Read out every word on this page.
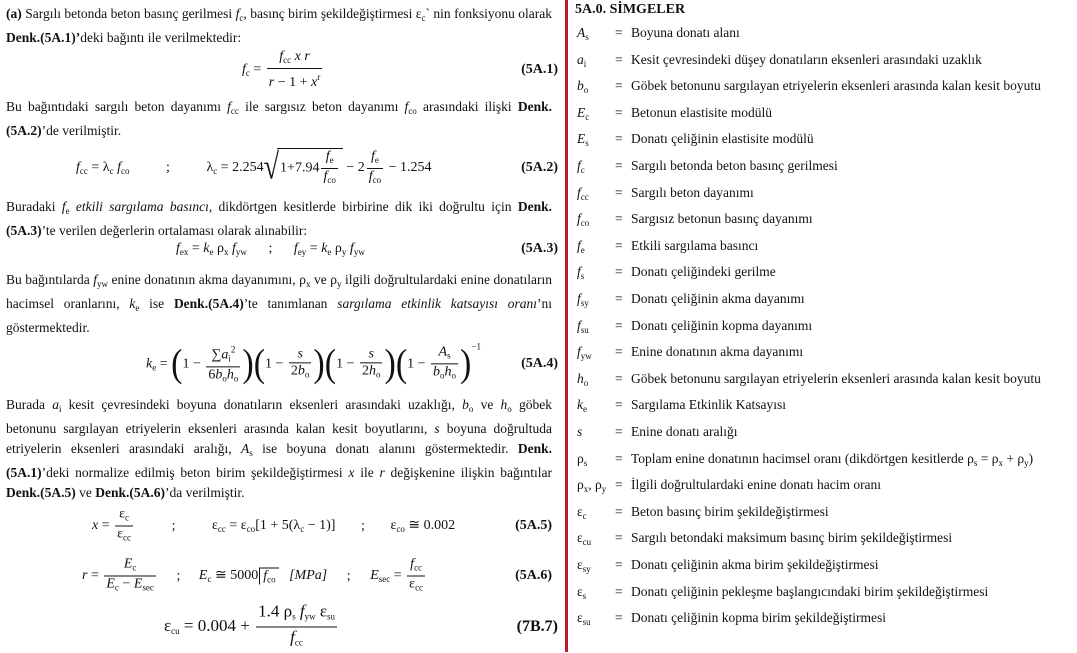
(a) Sargılı betonda beton basınç gerilmesi $f_c$, basınç birim şekildeğiştirmesi $\varepsilon_c`$ nin fonksiyonu olarak Denk.(5A.1)’deki bağıntı ile verilmektedir:

$f_c = \frac{f_{cc} x r}{r - 1 + x^r}$	(5A.1)

Bu bağıntıdaki sargılı beton dayanımı $f_{cc}$ ile sargısız beton dayanımı $f_{co}$ arasındaki ilişki Denk.(5A.2)’de verilmiştir.

$f_{cc} = \lambda_c$ $f_{co}$	; $\lambda_c = 2.254√1+7.94 \frac{f_e}{f_{co}} - 2 \frac{f_e}{f_{co}} - 1.254$	(5A.2)

Buradaki $f_e$ etkili sargılama basıncı, dikdörtgen kesitlerde birbirine dik iki doğrultu için Denk.(5A.3)’te verilen değerlerin ortalaması olarak alınabilir:

$f_{ex} = k_e$ $\rho_x$ $f_{yw}$ ; $f_{ey} = k_e$ $\rho_y$ $f_{yw}$	(5A.3)

Bu bağıntılarda $f_{yw}$ enine donatının akma dayanımını, $\rho_x$ ve $\rho_y$ ilgili doğrultulardaki enine donatıların hacimsel oranlarını, $k_e$ ise Denk.(5A.4)’te tanımlanan sargılama etkinlik katsayısı oranı’nı göstermektedir.

$k_e = (1 - \frac{\sum a_i^2}{6b_oh_o} )(1 - \frac{s}{2b_o} )(1 - \frac{s}{2h_o} )(1 - \frac{A_s}{b_oh_o} )^{-1}$
(5A.4)

Burada $a_i$ kesit çevresindeki boyuna donatıların eksenleri arasındaki uzaklığı, $b_o$ ve $h_o$ göbek betonunu sargılayan etriyelerin eksenleri arasında kalan kesit boyutlarını, s boyuna doğrultuda etriyelerin eksenleri arasındaki aralığı, $A_s$ ise boyuna donatı alanını göstermektedir. Denk.(5A.1)’deki normalize edilmiş beton birim şekildeğiştirmesi x ile r değişkenine ilişkin bağıntılar Denk.(5A.5) ve Denk.(5A.6)’da verilmiştir.

$x = \frac{\varepsilon_c}{\varepsilon_{cc}}$	; $\varepsilon_{cc} = \varepsilon_{co}[1 + 5(\lambda_c - 1)]$ ; $\varepsilon_{co}$ ≅ 0.002	(5A.5)
$r = \frac{E_c}{E_c - E_{sec}}$ ; $E_c$ ≅ 5000 $f_{co}$ [MPa] ; $E_{sec} = \frac{f_{cc}}{\varepsilon_{cc}}$	(5A.6)
$\varepsilon_{cu} = 0.004 + \frac{1.4 \rho_s f_{yw} \varepsilon_{su}}{f_{cc}}$	(7B.7)
5A.0. SİMGELER
$A_s$ = Boyuna donatı alanı
$a_i$ = Kesit çevresindeki düşey donatıların eksenleri arasındaki uzaklık
$b_o$ = Göbek betonunu sargılayan etriyelerin eksenleri arasında kalan kesit boyutu
$E_c$ = Betonun elastisite modülü
$E_s$ = Donatı çeliğinin elastisite modülü
$f_c$ = Sargılı betonda beton basınç gerilmesi
$f_{cc}$ = Sargılı beton dayanımı
$f_{co}$ = Sargısız betonun basınç dayanımı
$f_e$ = Etkili sargılama basıncı
$f_s$ = Donatı çeliğindeki gerilme
$f_{sy}$ = Donatı çeliğinin akma dayanımı
$f_{su}$ = Donatı çeliğinin kopma dayanımı
$f_{yw}$ = Enine donatının akma dayanımı
$h_o$ = Göbek betonunu sargılayan etriyelerin eksenleri arasında kalan kesit boyutu
$k_e$ = Sargılama Etkinlik Katsayısı
s = Enine donatı aralığı
$\rho_s$ = Toplam enine donatının hacimsel oranı (dikdörtgen kesitlerde $\rho_s = \rho_x + \rho_y$)
$\rho_x$, $\rho_y$ = İlgili doğrultulardaki enine donatı hacim oranı
$\varepsilon_c$ = Beton basınç birim şekildeğiştirmesi
$\varepsilon_{cu}$ = Sargılı betondaki maksimum basınç birim şekildeğiştirmesi
$\varepsilon_{sy}$ = Donatı çeliğinin akma birim şekildeğiştirmesi
$\varepsilon_s$ = Donatı çeliğinin pekleşme başlangıcındaki birim şekildeğiştirmesi
$\varepsilon_{su}$ = Donatı çeliğinin kopma birim şekildeğiştirmesi
